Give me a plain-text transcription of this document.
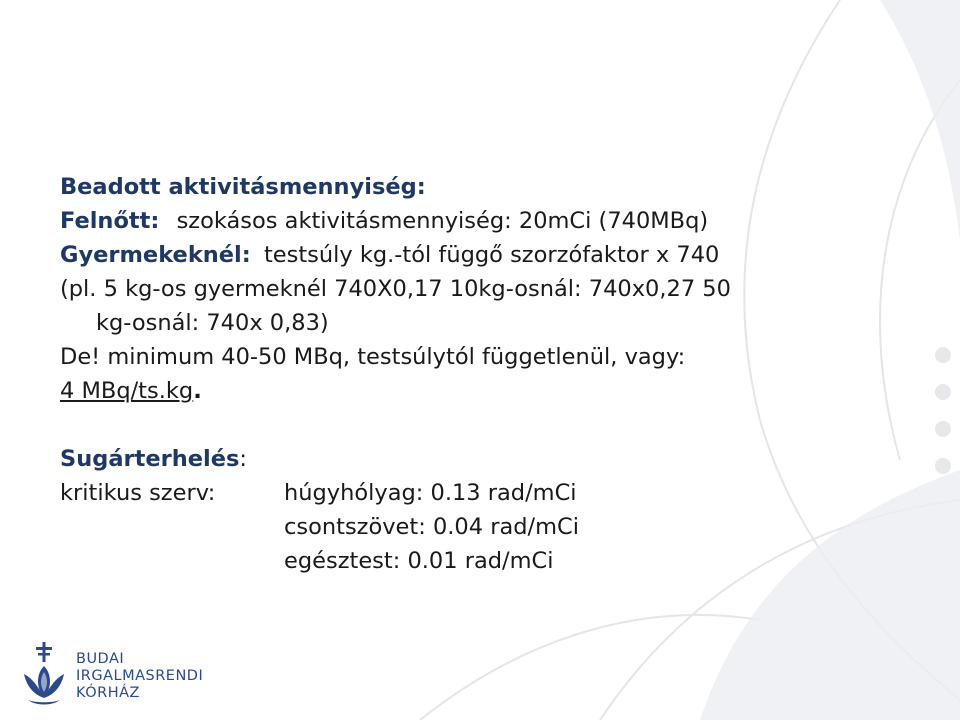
Beadott aktivitásmennyiség:
Felnőtt: szokásos aktivitásmennyiség: 20mCi (740MBq)
Gyermekeknél: testsúly kg.-tól függő szorzófaktor x 740
(pl. 5 kg-os gyermeknél 740X0,17 10kg-osnál: 740x0,27 50
kg-osnál: 740x 0,83)
De! minimum 40-50 MBq, testsúlytól függetlenül, vagy:
4 MBq/ts.kg.
Sugárterhelés:
kritikus szerv:	húgyhólyag: 0.13 rad/mCi
csontszövet: 0.04 rad/mCi
egésztest: 0.01 rad/mCi
BUDAI
IRGALMASRENDI
KÓRHÁZ
